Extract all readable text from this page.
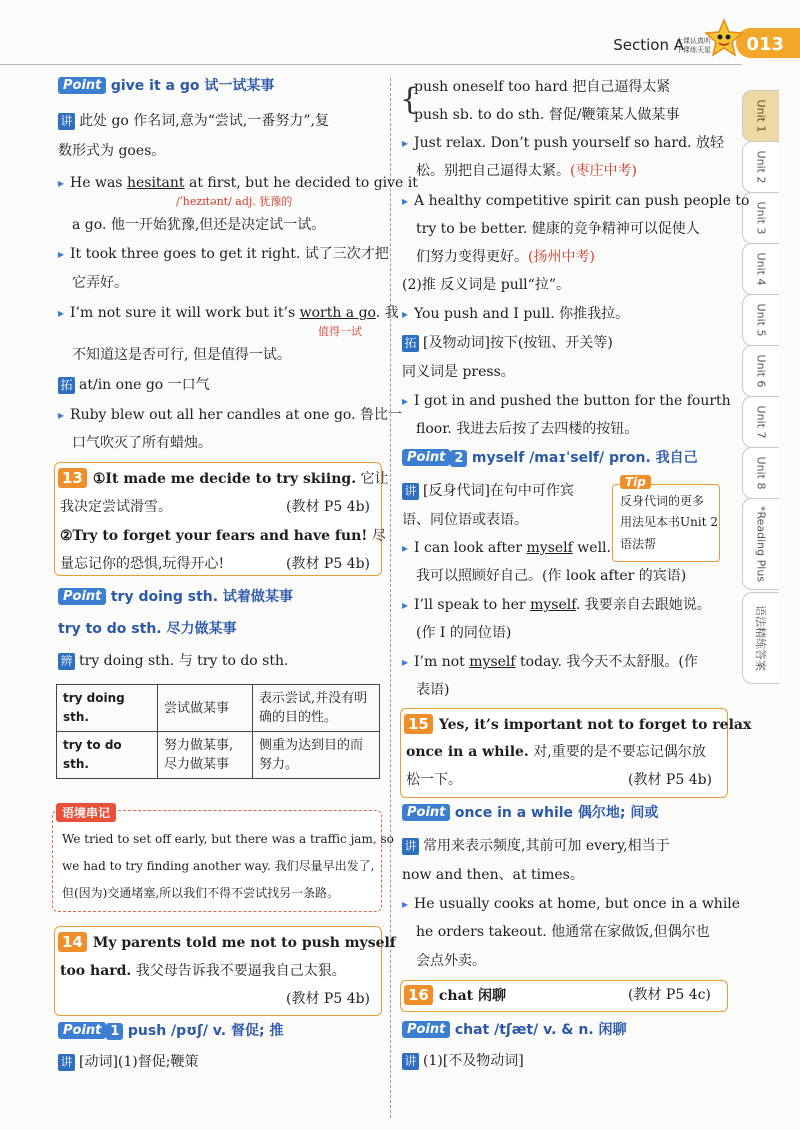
Section A
上课认真听 下课练天星 013
Unit 1
Unit 2
Unit 3
Unit 4
Unit 5
Unit 6
Unit 7
Unit 8
*Reading Plus
语法精练答案
Point give it a go 试一试某事
讲 此处 go 作名词,意为“尝试,一番努力”,复
数形式为 goes。
▸ He was hesitant at first, but he decided to give it
/ˈhezɪtənt/ adj. 犹豫的
a go. 他一开始犹豫,但还是决定试一试。
▸ It took three goes to get it right. 试了三次才把
它弄好。
▸ I’m not sure it will work but it’s worth a go. 我
值得一试
不知道这是否可行, 但是值得一试。
拓 at/in one go 一口气
▸ Ruby blew out all her candles at one go. 鲁比一
口气吹灭了所有蜡烛。
13 ①It made me decide to try skiing. 它让
我决定尝试滑雪。	(教材 P5 4b)
②Try to forget your fears and have fun! 尽
量忘记你的恐惧,玩得开心!	(教材 P5 4b)
Point try doing sth. 试着做某事
try to do sth. 尽力做某事
辨 try doing sth. 与 try to do sth.
try doing sth.	尝试做某事	表示尝试,并没有明确的目的性。
try to do sth.	努力做某事,尽力做某事	侧重为达到目的而努力。
语境串记
We tried to set off early, but there was a traffic jam, so
we had to try finding another way. 我们尽量早出发了,
但(因为)交通堵塞,所以我们不得不尝试找另一条路。
14 My parents told me not to push myself
too hard. 我父母告诉我不要逼我自己太狠。
(教材 P5 4b)
Point 1 push /pʊʃ/ v. 督促; 推
讲 [动词](1)督促;鞭策
{
push oneself too hard 把自己逼得太紧
push sb. to do sth. 督促/鞭策某人做某事
▸ Just relax. Don’t push yourself so hard. 放轻
松。别把自己逼得太紧。(枣庄中考)
▸ A healthy competitive spirit can push people to
try to be better. 健康的竞争精神可以促使人
们努力变得更好。(扬州中考)
(2)推 反义词是 pull“拉”。
▸ You push and I pull. 你推我拉。
拓 [及物动词]按下(按钮、开关等)
同义词是 press。
▸ I got in and pushed the button for the fourth
floor. 我进去后按了去四楼的按钮。
Point 2 myself /maɪˈself/ pron. 我自己
讲 [反身代词]在句中可作宾
语、同位语或表语。
Tip
反身代词的更多
用法见本书Unit 2
语法帮
▸ I can look after myself well.
我可以照顾好自己。(作 look after 的宾语)
▸ I’ll speak to her myself. 我要亲自去跟她说。
(作 I 的同位语)
▸ I’m not myself today. 我今天不太舒服。(作
表语)
15 Yes, it’s important not to forget to relax
once in a while. 对,重要的是不要忘记偶尔放
松一下。	(教材 P5 4b)
Point once in a while 偶尔地; 间或
讲 常用来表示频度,其前可加 every,相当于
now and then、at times。
▸ He usually cooks at home, but once in a while
he orders takeout. 他通常在家做饭,但偶尔也
会点外卖。
16 chat 闲聊	(教材 P5 4c)
Point chat /tʃæt/ v. & n. 闲聊
讲 (1)[不及物动词]
